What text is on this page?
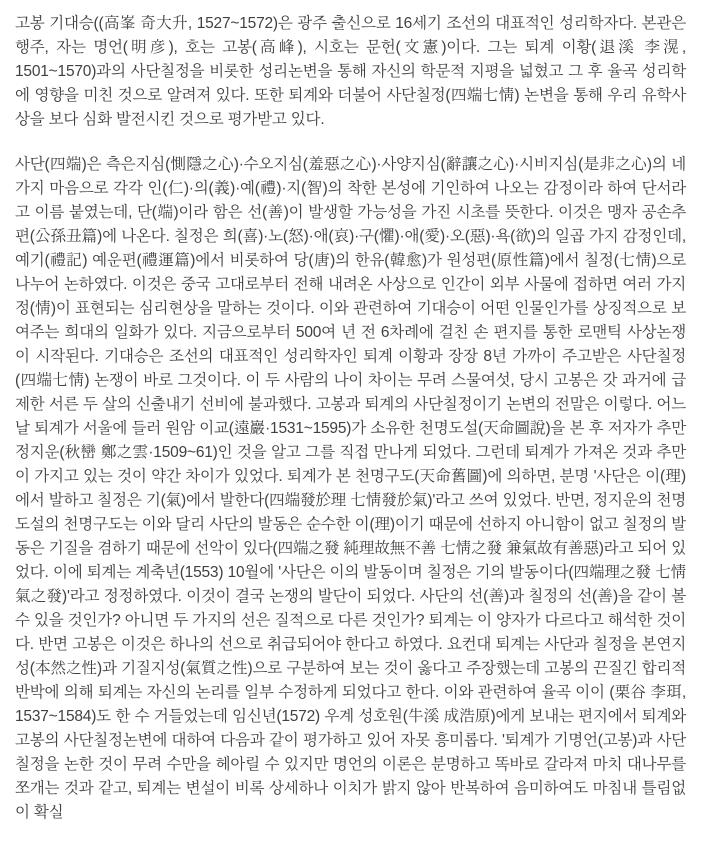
고봉 기대승((高峯 奇大升, 1527~1572)은 광주 출신으로 16세기 조선의 대표적인 성리학자다. 본관은 행주, 자는 명언(明彦), 호는 고봉(高峰), 시호는 문헌(文憲)이다. 그는 퇴계 이황(退溪 李滉, 1501~1570)과의 사단칠정을 비롯한 성리논변을 통해 자신의 학문적 지평을 넓혔고 그 후 율곡 성리학에 영향을 미친 것으로 알려져 있다. 또한 퇴계와 더불어 사단칠정(四端七情) 논변을 통해 우리 유학사상을 보다 심화 발전시킨 것으로 평가받고 있다.

사단(四端)은 측은지심(惻隱之心)·수오지심(羞惡之心)·사양지심(辭讓之心)·시비지심(是非之心)의 네 가지 마음으로 각각 인(仁)·의(義)·예(禮)·지(智)의 착한 본성에 기인하여 나오는 감정이라 하여 단서라고 이름 붙였는데, 단(端)이라 함은 선(善)이 발생할 가능성을 가진 시초를 뜻한다. 이것은 맹자 공손추편(公孫丑篇)에 나온다. 칠정은 희(喜)·노(怒)·애(哀)·구(懼)·애(愛)·오(惡)·욕(欲)의 일곱 가지 감정인데, 예기(禮記) 예운편(禮運篇)에서 비롯하여 당(唐)의 한유(韓愈)가 원성편(原性篇)에서 칠정(七情)으로 나누어 논하였다. 이것은 중국 고대로부터 전해 내려온 사상으로 인간이 외부 사물에 접하면 여러 가지 정(情)이 표현되는 심리현상을 말하는 것이다. 이와 관련하여 기대승이 어떤 인물인가를 상징적으로 보여주는 희대의 일화가 있다. 지금으로부터 500여 년 전 6차례에 걸친 손 편지를 통한 로맨틱 사상논쟁이 시작된다. 기대승은 조선의 대표적인 성리학자인 퇴계 이황과 장장 8년 가까이 주고받은 사단칠정(四端七情) 논쟁이 바로 그것이다. 이 두 사람의 나이 차이는 무려 스물여섯, 당시 고봉은 갓 과거에 급제한 서른 두 살의 신출내기 선비에 불과했다. 고봉과 퇴계의 사단칠정이기 논변의 전말은 이렇다. 어느 날 퇴계가 서울에 들러 원암 이교(遠巖·1531~1595)가 소유한 천명도설(天命圖說)을 본 후 저자가 추만 정지운(秋巒 鄭之雲·1509~61)인 것을 알고 그를 직접 만나게 되었다. 그런데 퇴계가 가져온 것과 추만이 가지고 있는 것이 약간 차이가 있었다. 퇴계가 본 천명구도(天命舊圖)에 의하면, 분명 '사단은 이(理)에서 발하고 칠정은 기(氣)에서 발한다(四端發於理 七情發於氣)'라고 쓰여 있었다. 반면, 정지운의 천명도설의 천명구도는 이와 달리 사단의 발동은 순수한 이(理)이기 때문에 선하지 아니함이 없고 칠정의 발동은 기질을 겸하기 때문에 선악이 있다(四端之發 純理故無不善 七情之發 兼氣故有善惡)라고 되어 있었다. 이에 퇴계는 계축년(1553) 10월에 '사단은 이의 발동이며 칠정은 기의 발동이다(四端理之發 七情氣之發)'라고 정정하였다. 이것이 결국 논쟁의 발단이 되었다. 사단의 선(善)과 칠정의 선(善)을 같이 볼 수 있을 것인가? 아니면 두 가지의 선은 질적으로 다른 것인가? 퇴계는 이 양자가 다르다고 해석한 것이다. 반면 고봉은 이것은 하나의 선으로 취급되어야 한다고 하였다. 요컨대 퇴계는 사단과 칠정을 본연지성(本然之性)과 기질지성(氣質之性)으로 구분하여 보는 것이 옳다고 주장했는데 고봉의 끈질긴 합리적 반박에 의해 퇴계는 자신의 논리를 일부 수정하게 되었다고 한다. 이와 관련하여 율곡 이이 (栗谷 李珥, 1537~1584)도 한 수 거들었는데 임신년(1572) 우계 성호원(牛溪 成浩原)에게 보내는 편지에서 퇴계와 고봉의 사단칠정논변에 대하여 다음과 같이 평가하고 있어 자못 흥미롭다. '퇴계가 기명언(고봉)과 사단칠정을 논한 것이 무려 수만을 헤아릴 수 있지만 명언의 이론은 분명하고 똑바로 갈라져 마치 대나무를 쪼개는 것과 같고, 퇴계는 변설이 비록 상세하나 이치가 밝지 않아 반복하여 음미하여도 마침내 틀림없이 확실
